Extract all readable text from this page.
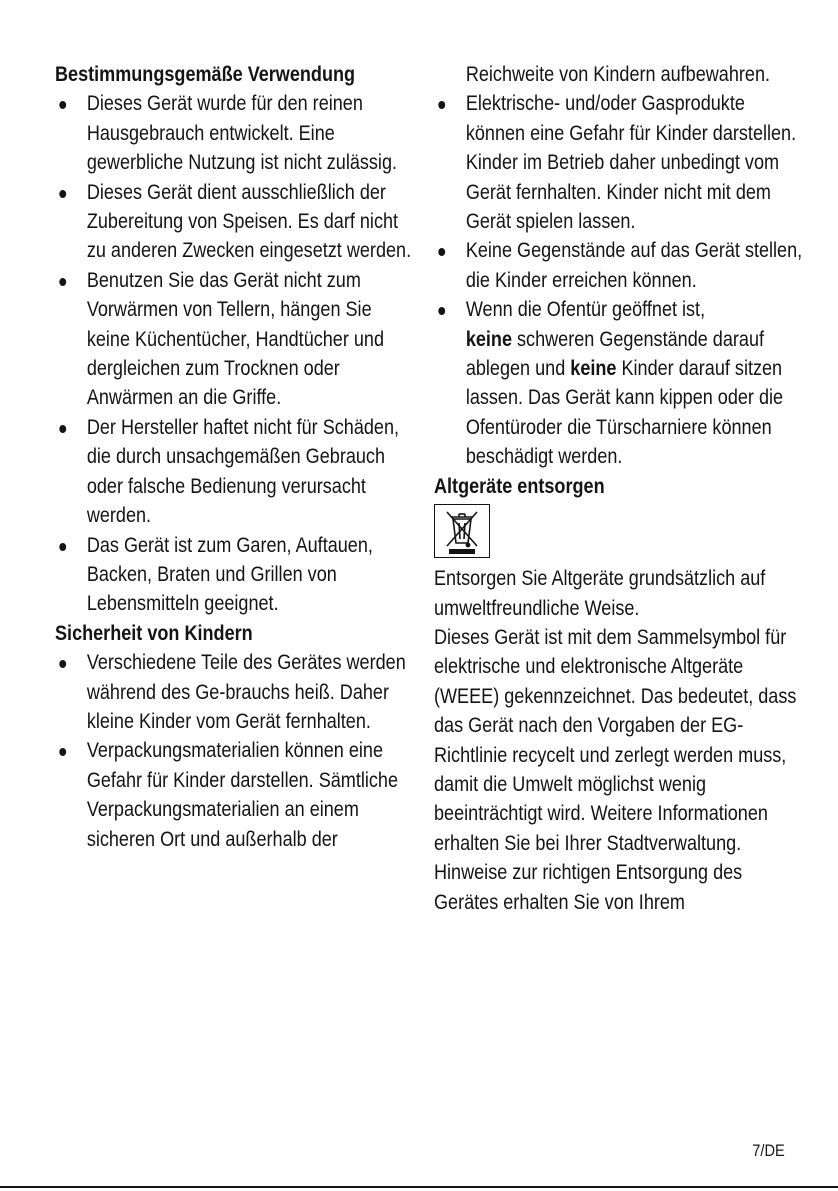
Bestimmungsgemäße Verwendung
Dieses Gerät wurde für den reinen Hausgebrauch entwickelt. Eine gewerbliche Nutzung ist nicht zulässig.
Dieses Gerät dient ausschließlich der Zubereitung von Speisen. Es darf nicht zu anderen Zwecken eingesetzt werden.
Benutzen Sie das Gerät nicht zum Vorwärmen von Tellern, hängen Sie keine Küchentücher, Handtücher und dergleichen zum Trocknen oder Anwärmen an die Griffe.
Der Hersteller haftet nicht für Schäden, die durch unsachgemäßen Gebrauch oder falsche Bedienung verursacht werden.
Das Gerät ist zum Garen, Auftauen, Backen, Braten und Grillen von Lebensmitteln geeignet.
Sicherheit von Kindern
Verschiedene Teile des Gerätes werden während des Ge-brauchs heiß. Daher kleine Kinder vom Gerät fernhalten.
Verpackungsmaterialien können eine Gefahr für Kinder darstellen. Sämtliche Verpackungsmaterialien an einem sicheren Ort und außerhalb der
Reichweite von Kindern aufbewahren.
Elektrische- und/oder Gasprodukte können eine Gefahr für Kinder darstellen. Kinder im Betrieb daher unbedingt vom Gerät fernhalten. Kinder nicht mit dem Gerät spielen lassen.
Keine Gegenstände auf das Gerät stellen, die Kinder erreichen können.
Wenn die Ofentür geöffnet ist,
keine schweren Gegenstände darauf ablegen und keine Kinder darauf sitzen lassen. Das Gerät kann kippen oder die Ofentüroder die Türscharniere können beschädigt werden.
Altgeräte entsorgen
Entsorgen Sie Altgeräte grundsätzlich auf umweltfreundliche Weise.
Dieses Gerät ist mit dem Sammelsymbol für elektrische und elektronische Altgeräte (WEEE) gekennzeichnet. Das bedeutet, dass das Gerät nach den Vorgaben der EG-Richtlinie recycelt und zerlegt werden muss, damit die Umwelt möglichst wenig beeinträchtigt wird. Weitere Informationen erhalten Sie bei Ihrer Stadtverwaltung.
Hinweise zur richtigen Entsorgung des Gerätes erhalten Sie von Ihrem
7/DE
